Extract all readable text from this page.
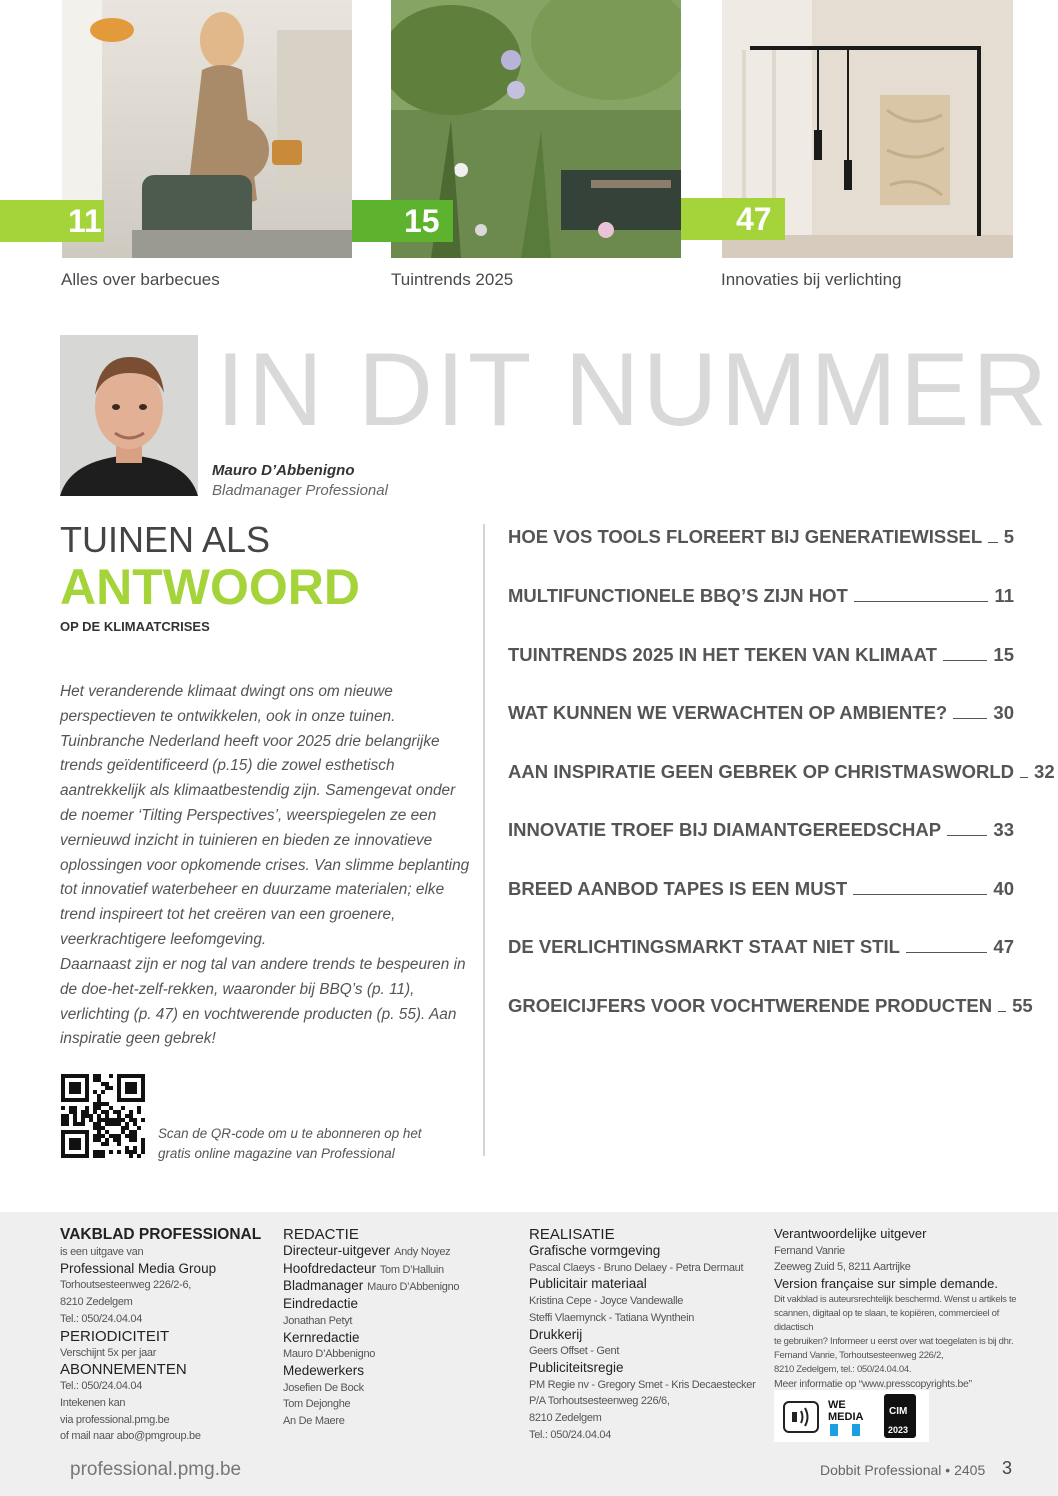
11	15	47
Alles over barbecues	Tuintrends 2025	Innovaties bij verlichting
IN DIT NUMMER
Mauro D’Abbenigno
Bladmanager Professional
TUINEN ALS
ANTWOORD
OP DE KLIMAATCRISES

Het veranderende klimaat dwingt ons om nieuwe perspectieven te ontwikkelen, ook in onze tuinen. Tuinbranche Nederland heeft voor 2025 drie belangrijke trends geïdentificeerd (p.15) die zowel esthetisch aantrekkelijk als klimaatbestendig zijn. Samengevat onder de noemer ‘Tilting Perspectives’, weerspiegelen ze een vernieuwd inzicht in tuinieren en bieden ze innovatieve oplossingen voor opkomende crises. Van slimme beplanting tot innovatief waterbeheer en duurzame materialen; elke trend inspireert tot het creëren van een groenere, veerkrachtigere leefomgeving.

Daarnaast zijn er nog tal van andere trends te bespeuren in de doe-het-zelf-rekken, waaronder bij BBQ’s (p. 11), verlichting (p. 47) en vochtwerende producten (p. 55). Aan inspiratie geen gebrek!

Scan de QR-code om u te abonneren op het gratis online magazine van Professional
HOE VOS TOOLS FLOREERT BIJ GENERATIEWISSEL 5
MULTIFUNCTIONELE BBQ’S ZIJN HOT	11
TUINTRENDS 2025 IN HET TEKEN VAN KLIMAAT	15
WAT KUNNEN WE VERWACHTEN OP AMBIENTE? 30
AAN INSPIRATIE GEEN GEBREK OP CHRISTMASWORLD 32
INNOVATIE TROEF BIJ DIAMANTGEREEDSCHAP	33
BREED AANBOD TAPES IS EEN MUST	40
DE VERLICHTINGSMARKT STAAT NIET STIL	47
GROEICIJFERS VOOR VOCHTWERENDE PRODUCTEN 55
VAKBLAD PROFESSIONAL
is een uitgave van
Professional Media Group
Torhoutsesteenweg 226/2-6,
8210 Zedelgem
Tel.: 050/24.04.04
PERIODICITEIT
Verschijnt 5x per jaar
ABONNEMENTEN
Tel.: 050/24.04.04
Intekenen kan
via professional.pmg.be
of mail naar abo@pmgroup.be
REDACTIE
Directeur-uitgever Andy Noyez
Hoofdredacteur Tom D’Halluin
Bladmanager Mauro D’Abbenigno
Eindredactie
Jonathan Petyt
Kernredactie
Mauro D’Abbenigno
Medewerkers
Josefien De Bock
Tom Dejonghe
An De Maere
REALISATIE
Grafische vormgeving
Pascal Claeys - Bruno Delaey - Petra Dermaut
Publicitair materiaal
Kristina Cepe - Joyce Vandewalle
Steffi Vlaemynck - Tatiana Wynthein
Drukkerij
Geers Offset - Gent
Publiciteitsregie
PM Regie nv - Gregory Smet - Kris Decaestecker
P/A Torhoutsesteenweg 226/6,
8210 Zedelgem
Tel.: 050/24.04.04
Verantwoordelijke uitgever
Fernand Vanrie
Zeeweg Zuid 5, 8211 Aartrijke
Version française sur simple demande.
Dit vakblad is auteursrechtelijk beschermd. Wenst u artikels te
scannen, digitaal op te slaan, te kopiëren, commercieel of didactisch
te gebruiken? Informeer u eerst over wat toegelaten is bij dhr.
Fernand Vanrie, Torhoutsesteenweg 226/2,
8210 Zedelgem, tel.: 050/24.04.04.
Meer informatie op “www.presscopyrights.be”
WE
MEDIA	CIM
2023
professional.pmg.be	Dobbit Professional • 2405 3
